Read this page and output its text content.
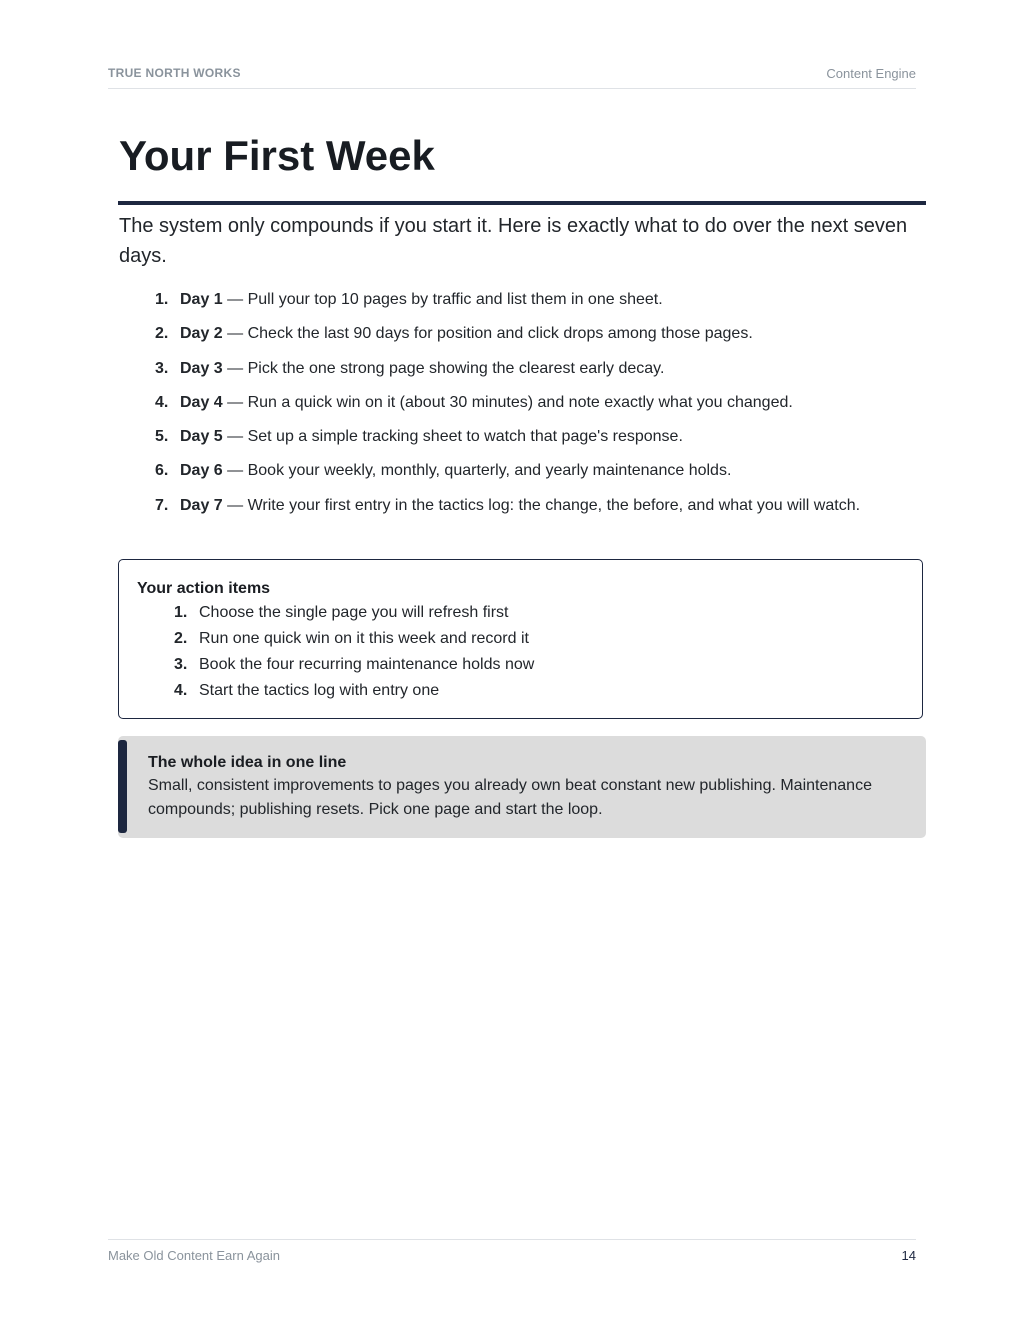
TRUE NORTH WORKS	Content Engine
Your First Week

The system only compounds if you start it. Here is exactly what to do over the next seven days.

1. Day 1 — Pull your top 10 pages by traffic and list them in one sheet.
2. Day 2 — Check the last 90 days for position and click drops among those pages.
3. Day 3 — Pick the one strong page showing the clearest early decay.
4. Day 4 — Run a quick win on it (about 30 minutes) and note exactly what you changed.
5. Day 5 — Set up a simple tracking sheet to watch that page's response.
6. Day 6 — Book your weekly, monthly, quarterly, and yearly maintenance holds.
7. Day 7 — Write your first entry in the tactics log: the change, the before, and what you will watch.
Your action items
1. Choose the single page you will refresh first
2. Run one quick win on it this week and record it
3. Book the four recurring maintenance holds now
4. Start the tactics log with entry one
The whole idea in one line

Small, consistent improvements to pages you already own beat constant new publishing. Maintenance compounds; publishing resets. Pick one page and start the loop.

Make Old Content Earn Again	14
